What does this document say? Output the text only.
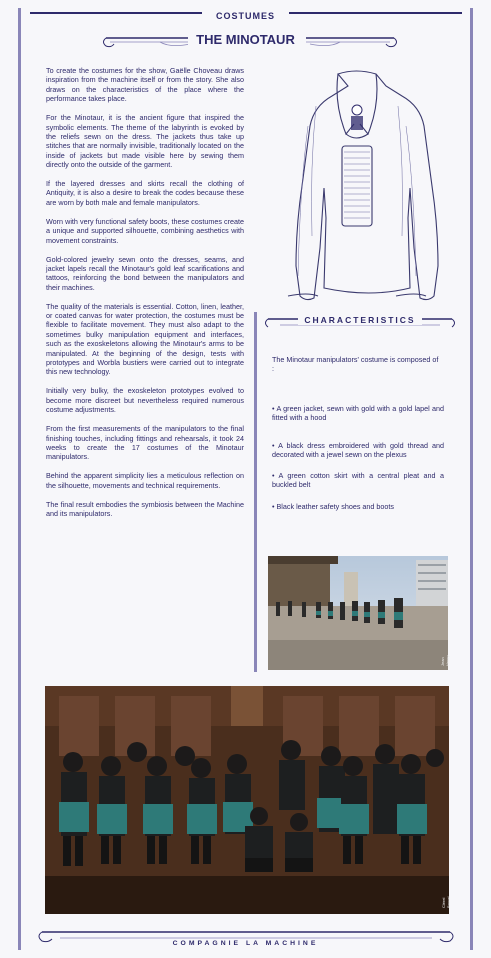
COSTUMES
THE MINOTAUR

To create the costumes for the show, Gaëlle Choveau draws inspiration from the machine itself or from the story. She also draws on the characteristics of the place where the performance takes place.

For the Minotaur, it is the ancient figure that inspired the symbolic elements. The theme of the labyrinth is evoked by the reliefs sewn on the dress. The jackets thus take up stitches that are normally invisible, traditionally located on the inside of jackets but made visible here by sewing them directly onto the outside of the garment.

If the layered dresses and skirts recall the clothing of Antiquity, it is also a desire to break the codes because these are worn by both male and female manipulators.

Worn with very functional safety boots, these costumes create a unique and supported silhouette, combining aesthetics with movement constraints.

Gold-colored jewelry sewn onto the dresses, seams, and jacket lapels recall the Minotaur's gold leaf scarifications and tattoos, reinforcing the bond between the manipulators and their machines.

The quality of the materials is essential. Cotton, linen, leather, or coated canvas for water protection, the costumes must be flexible to facilitate movement. They must also adapt to the sometimes bulky manipulation equipment and interfaces, such as the exoskeletons allowing the Minotaur's arms to be manipulated. At the beginning of the design, tests with prototypes and Worbla bustiers were carried out to integrate this new technology.

Initially very bulky, the exoskeleton prototypes evolved to become more discreet but nevertheless required numerous costume adjustments.

From the first measurements of the manipulators to the final finishing touches, including fittings and rehearsals, it took 24 weeks to create the 17 costumes of the Minotaur manipulators.

Behind the apparent simplicity lies a meticulous reflection on the silhouette, movements and technical requirements.

The final result embodies the symbiosis between the Machine and its manipulators.

CHARACTERISTICS
The Minotaur manipulators' costume is composed of :
• A green jacket, sewn with gold with a gold lapel and fitted with a hood
• A black dress embroidered with gold thread and decorated with a jewel sewn on the plexus
• A green cotton skirt with a central pleat and a buckled belt
• Black leather safety shoes and boots
Jean Henry
Clérel Brunel
COMPAGNIE LA MACHINE
